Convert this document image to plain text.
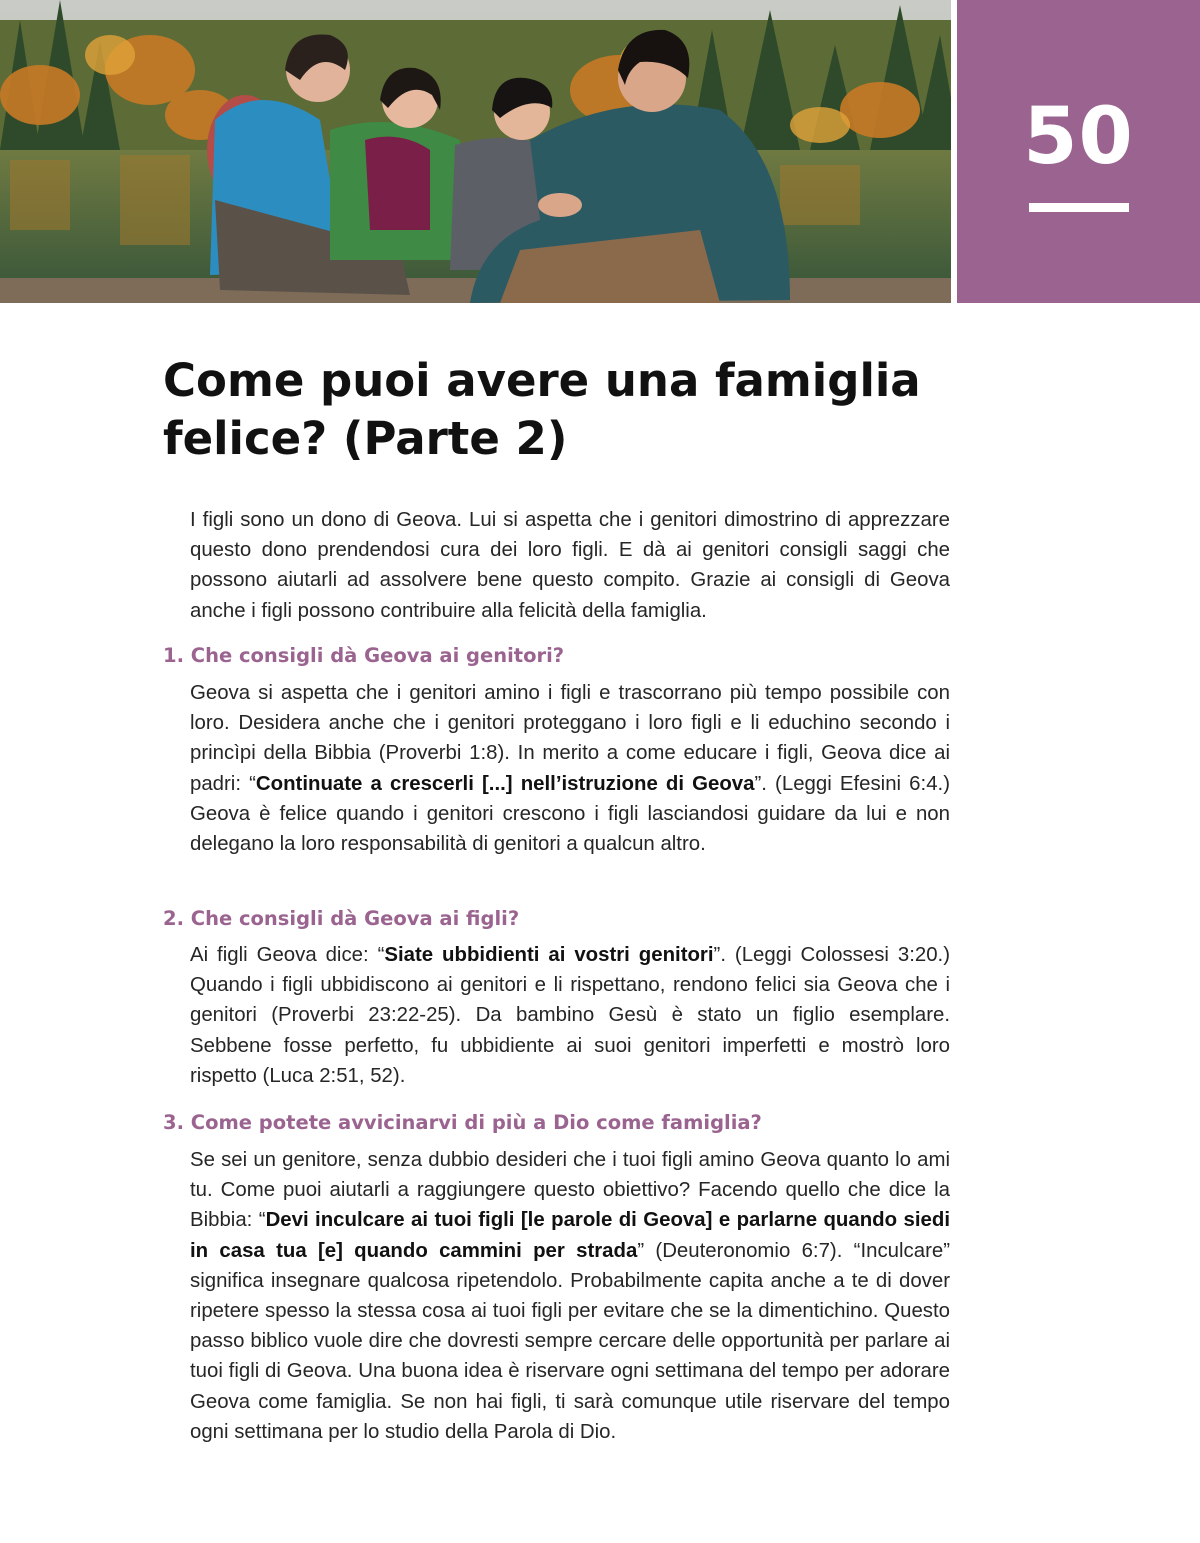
50
Come puoi avere una famiglia felice? (Parte 2)

I figli sono un dono di Geova. Lui si aspetta che i genitori dimostrino di apprezzare questo dono prendendosi cura dei loro figli. E dà ai genitori consigli saggi che possono aiutarli ad assolvere bene questo compito. Grazie ai consigli di Geova anche i figli possono contribuire alla felicità della famiglia.

1. Che consigli dà Geova ai genitori?

Geova si aspetta che i genitori amino i figli e trascorrano più tempo possibile con loro. Desidera anche che i genitori proteggano i loro figli e li educhino secondo i princìpi della Bibbia (Proverbi 1:8). In merito a come educare i figli, Geova dice ai padri: “Continuate a crescerli [...] nell’istruzione di Geova”. (Leggi Efesini 6:4.) Geova è felice quando i genitori crescono i figli lasciandosi guidare da lui e non delegano la loro responsabilità di genitori a qualcun altro.

2. Che consigli dà Geova ai figli?

Ai figli Geova dice: “Siate ubbidienti ai vostri genitori”. (Leggi Colossesi 3:20.) Quando i figli ubbidiscono ai genitori e li rispettano, rendono felici sia Geova che i genitori (Proverbi 23:22-25). Da bambino Gesù è stato un figlio esemplare. Sebbene fosse perfetto, fu ubbidiente ai suoi genitori imperfetti e mostrò loro rispetto (Luca 2:51, 52).

3. Come potete avvicinarvi di più a Dio come famiglia?

Se sei un genitore, senza dubbio desideri che i tuoi figli amino Geova quanto lo ami tu. Come puoi aiutarli a raggiungere questo obiettivo? Facendo quello che dice la Bibbia: “Devi inculcare ai tuoi figli [le parole di Geova] e parlarne quando siedi in casa tua [e] quando cammini per strada” (Deuteronomio 6:7). “Inculcare” significa insegnare qualcosa ripetendolo. Probabilmente capita anche a te di dover ripetere spesso la stessa cosa ai tuoi figli per evitare che se la dimentichino. Questo passo biblico vuole dire che dovresti sempre cercare delle opportunità per parlare ai tuoi figli di Geova. Una buona idea è riservare ogni settimana del tempo per adorare Geova come famiglia. Se non hai figli, ti sarà comunque utile riservare del tempo ogni settimana per lo studio della Parola di Dio.
